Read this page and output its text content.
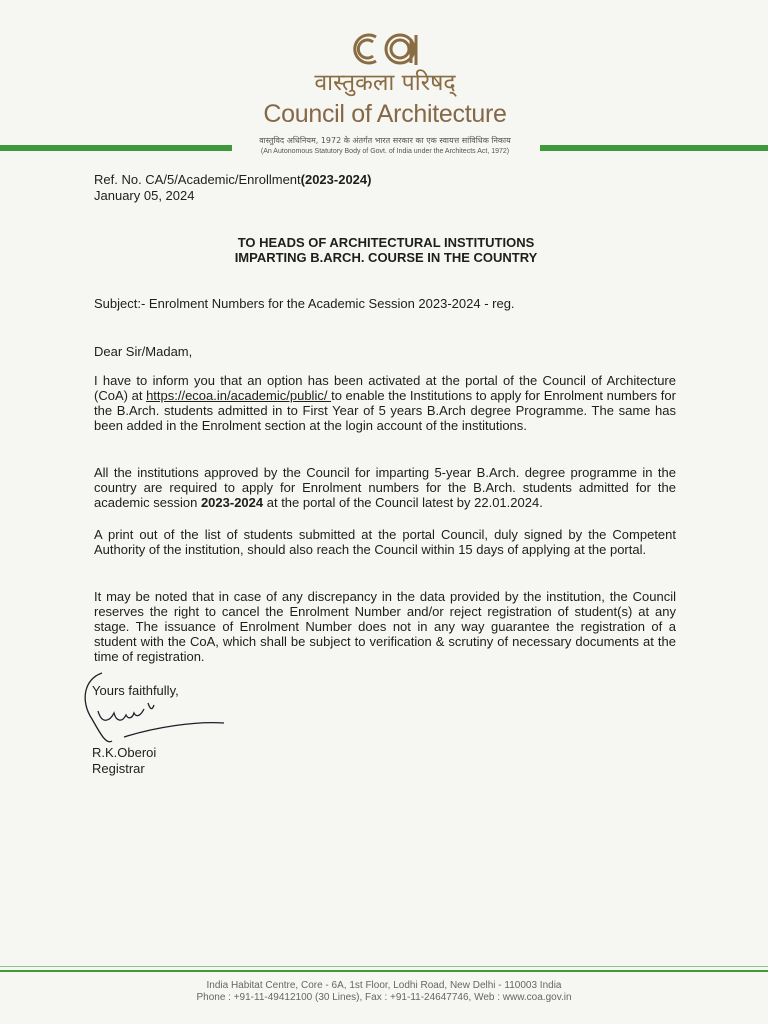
वास्तुकला परिषद्
Council of Architecture
वास्तुविद अधिनियम, 1972 के अंतर्गत भारत सरकार का एक स्वायत्त सांविधिक निकाय
(An Autonomous Statutory Body of Govt. of India under the Architects Act, 1972)
Ref. No. CA/5/Academic/Enrollment(2023-2024)
January 05, 2024
TO HEADS OF ARCHITECTURAL INSTITUTIONS
IMPARTING B.ARCH. COURSE IN THE COUNTRY
Subject:- Enrolment Numbers for the Academic Session 2023-2024 - reg.
Dear Sir/Madam,
I have to inform you that an option has been activated at the portal of the Council of Architecture (CoA) at https://ecoa.in/academic/public/ to enable the Institutions to apply for Enrolment numbers for the B.Arch. students admitted in to First Year of 5 years B.Arch degree Programme. The same has been added in the Enrolment section at the login account of the institutions.
All the institutions approved by the Council for imparting 5-year B.Arch. degree programme in the country are required to apply for Enrolment numbers for the B.Arch. students admitted for the academic session 2023-2024 at the portal of the Council latest by 22.01.2024.
A print out of the list of students submitted at the portal Council, duly signed by the Competent Authority of the institution, should also reach the Council within 15 days of applying at the portal.
It may be noted that in case of any discrepancy in the data provided by the institution, the Council reserves the right to cancel the Enrolment Number and/or reject registration of student(s) at any stage. The issuance of Enrolment Number does not in any way guarantee the registration of a student with the CoA, which shall be subject to verification & scrutiny of necessary documents at the time of registration.
Yours faithfully,
R.K.Oberoi
Registrar
India Habitat Centre, Core - 6A, 1st Floor, Lodhi Road, New Delhi - 110003 India
Phone : +91-11-49412100 (30 Lines), Fax : +91-11-24647746, Web : www.coa.gov.in
